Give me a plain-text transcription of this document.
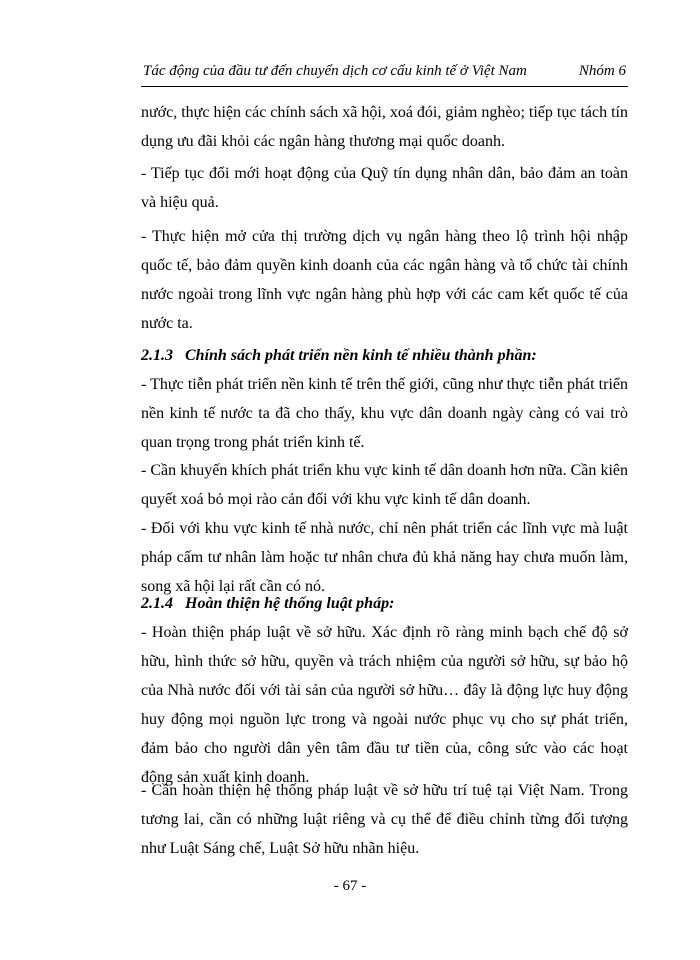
Tác động của đầu tư đến chuyển dịch cơ cấu kinh tế ở Việt Nam	Nhóm 6

nước, thực hiện các chính sách xã hội, xoá đói, giảm nghèo; tiếp tục tách tín dụng ưu đãi khỏi các ngân hàng thương mại quốc doanh.

- Tiếp tục đổi mới hoạt động của Quỹ tín dụng nhân dân, bảo đảm an toàn và hiệu quả.

- Thực hiện mở cửa thị trường dịch vụ ngân hàng theo lộ trình hội nhập quốc tế, bảo đảm quyền kinh doanh của các ngân hàng và tổ chức tài chính nước ngoài trong lĩnh vực ngân hàng phù hợp với các cam kết quốc tế của nước ta.

2.1.3 Chính sách phát triển nền kinh tế nhiều thành phần:

- Thực tiễn phát triển nền kinh tế trên thế giới, cũng như thực tiễn phát triển nền kinh tế nước ta đã cho thấy, khu vực dân doanh ngày càng có vai trò quan trọng trong phát triển kinh tế.

- Cần khuyến khích phát triển khu vực kinh tế dân doanh hơn nữa. Cần kiên quyết xoá bỏ mọi rào cản đối với khu vực kinh tế dân doanh.

- Đối với khu vực kinh tế nhà nước, chỉ nên phát triển các lĩnh vực mà luật pháp cấm tư nhân làm hoặc tư nhân chưa đủ khả năng hay chưa muốn làm, song xã hội lại rất cần có nó.

2.1.4 Hoàn thiện hệ thống luật pháp:

- Hoàn thiện pháp luật về sở hữu. Xác định rõ ràng minh bạch chế độ sở hữu, hình thức sở hữu, quyền và trách nhiệm của người sở hữu, sự bảo hộ của Nhà nước đối với tài sản của người sở hữu… đây là động lực huy động huy động mọi nguồn lực trong và ngoài nước phục vụ cho sự phát triển, đảm bảo cho người dân yên tâm đầu tư tiền của, công sức vào các hoạt động sản xuất kinh doanh.

- Cần hoàn thiện hệ thống pháp luật về sở hữu trí tuệ tại Việt Nam. Trong tương lai, cần có những luật riêng và cụ thể để điều chỉnh từng đối tượng như Luật Sáng chế, Luật Sở hữu nhãn hiệu.

- 67 -
